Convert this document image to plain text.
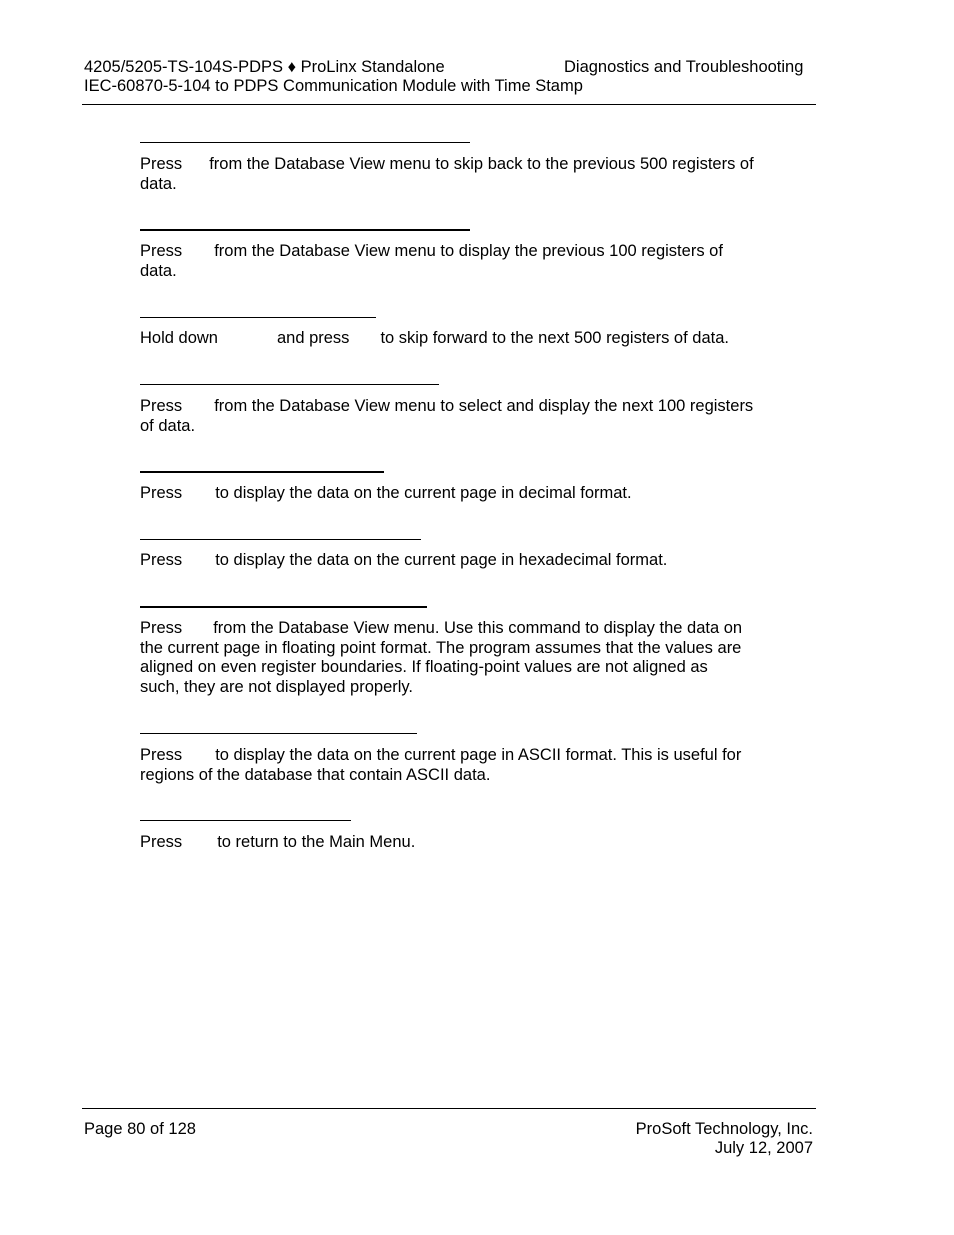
4205/5205-TS-104S-PDPS ♦ ProLinx Standalone	Diagnostics and Troubleshooting
IEC-60870-5-104 to PDPS Communication Module with Time Stamp

Press from the Database View menu to skip back to the previous 500 registers of data.

Press from the Database View menu to display the previous 100 registers of data.

Hold down	and press to skip forward to the next 500 registers of data.

Press from the Database View menu to select and display the next 100 registers of data.

Press to display the data on the current page in decimal format.

Press to display the data on the current page in hexadecimal format.

Press from the Database View menu. Use this command to display the data on the current page in floating point format. The program assumes that the values are aligned on even register boundaries. If floating-point values are not aligned as such, they are not displayed properly.

Press to display the data on the current page in ASCII format. This is useful for regions of the database that contain ASCII data.

Press to return to the Main Menu.

Page 80 of 128	ProSoft Technology, Inc.
July 12, 2007
